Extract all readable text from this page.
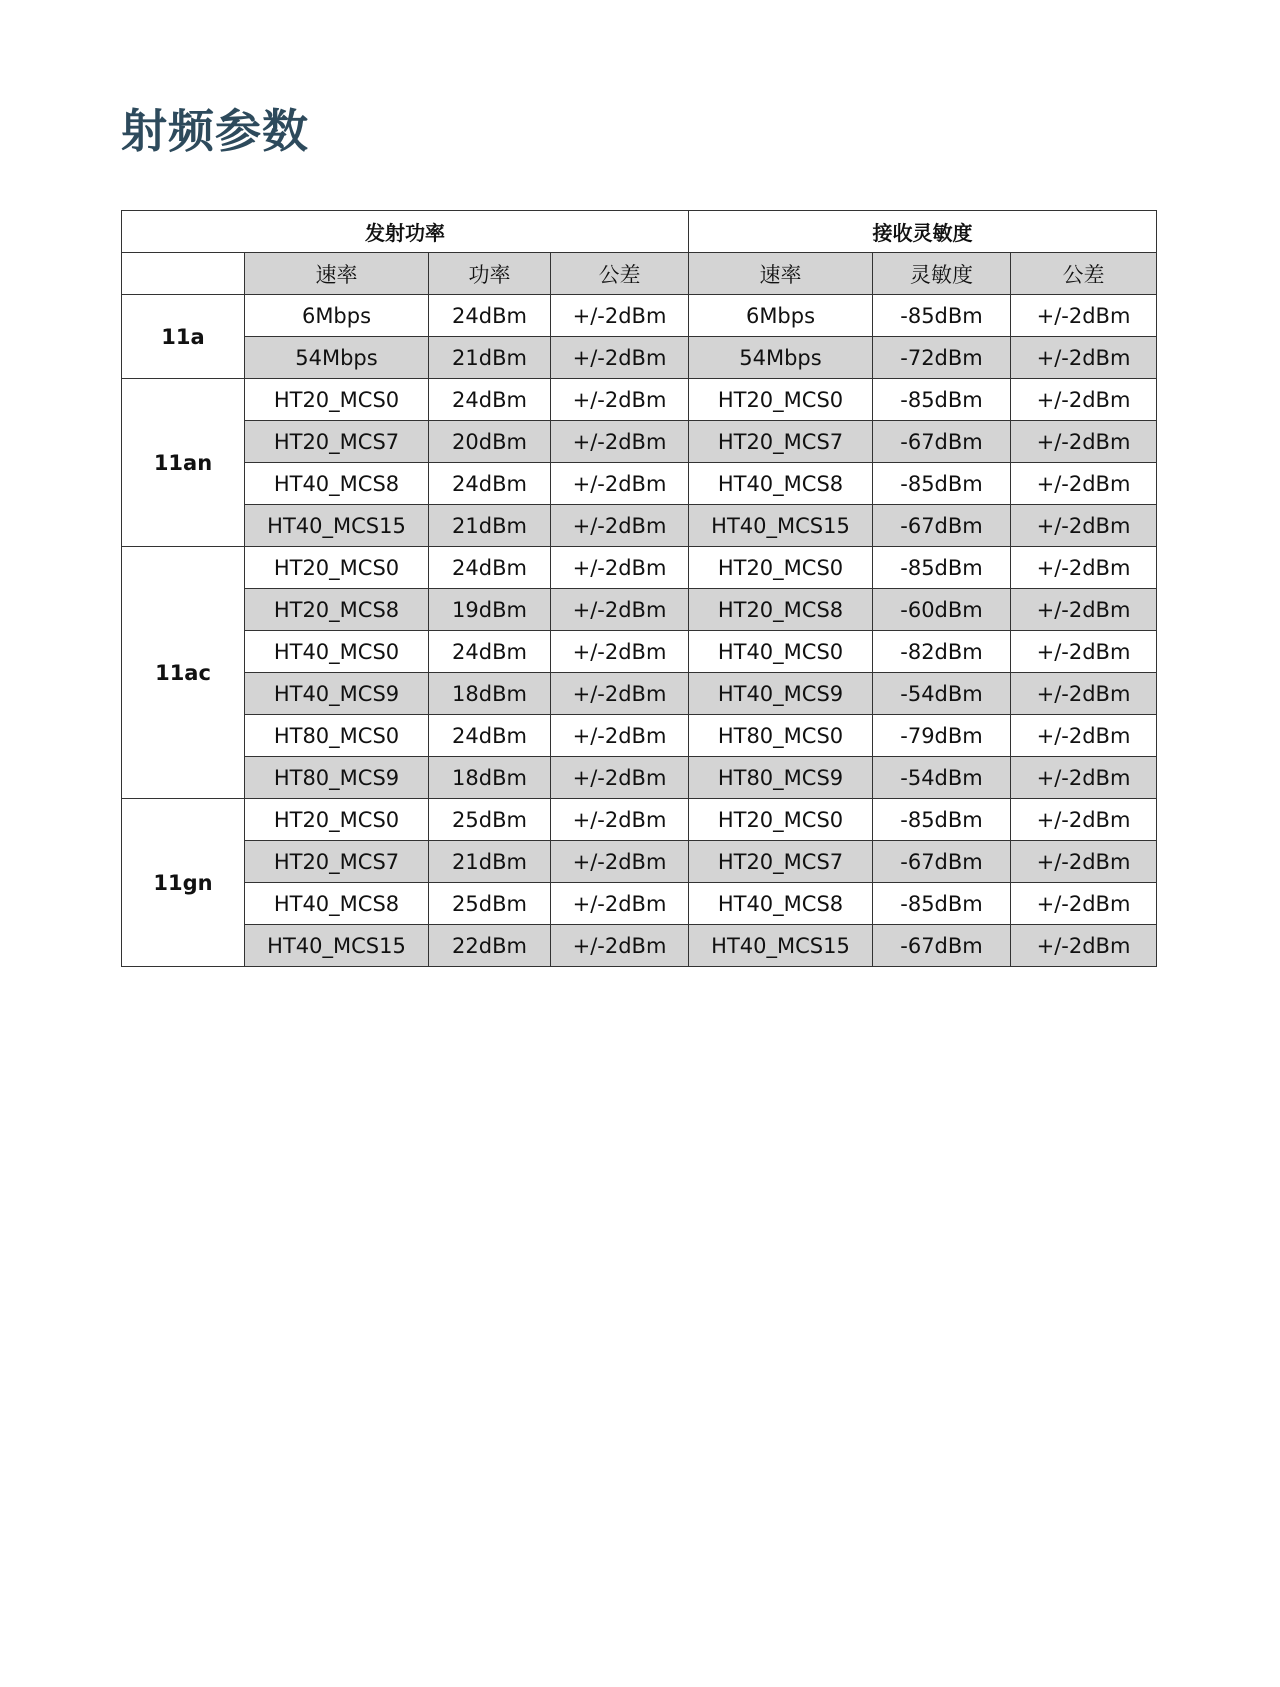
射频参数
发射功率				接收灵敏度		
	速率	功率	公差	速率	灵敏度	公差
11a	6Mbps	24dBm	+/-2dBm	6Mbps	-85dBm	+/-2dBm
	54Mbps	21dBm	+/-2dBm	54Mbps	-72dBm	+/-2dBm
11an	HT20_MCS0	24dBm	+/-2dBm	HT20_MCS0	-85dBm	+/-2dBm
	HT20_MCS7	20dBm	+/-2dBm	HT20_MCS7	-67dBm	+/-2dBm
	HT40_MCS8	24dBm	+/-2dBm	HT40_MCS8	-85dBm	+/-2dBm
	HT40_MCS15	21dBm	+/-2dBm	HT40_MCS15	-67dBm	+/-2dBm
11ac	HT20_MCS0	24dBm	+/-2dBm	HT20_MCS0	-85dBm	+/-2dBm
	HT20_MCS8	19dBm	+/-2dBm	HT20_MCS8	-60dBm	+/-2dBm
	HT40_MCS0	24dBm	+/-2dBm	HT40_MCS0	-82dBm	+/-2dBm
	HT40_MCS9	18dBm	+/-2dBm	HT40_MCS9	-54dBm	+/-2dBm
	HT80_MCS0	24dBm	+/-2dBm	HT80_MCS0	-79dBm	+/-2dBm
	HT80_MCS9	18dBm	+/-2dBm	HT80_MCS9	-54dBm	+/-2dBm
11gn	HT20_MCS0	25dBm	+/-2dBm	HT20_MCS0	-85dBm	+/-2dBm
	HT20_MCS7	21dBm	+/-2dBm	HT20_MCS7	-67dBm	+/-2dBm
	HT40_MCS8	25dBm	+/-2dBm	HT40_MCS8	-85dBm	+/-2dBm
	HT40_MCS15	22dBm	+/-2dBm	HT40_MCS15	-67dBm	+/-2dBm
